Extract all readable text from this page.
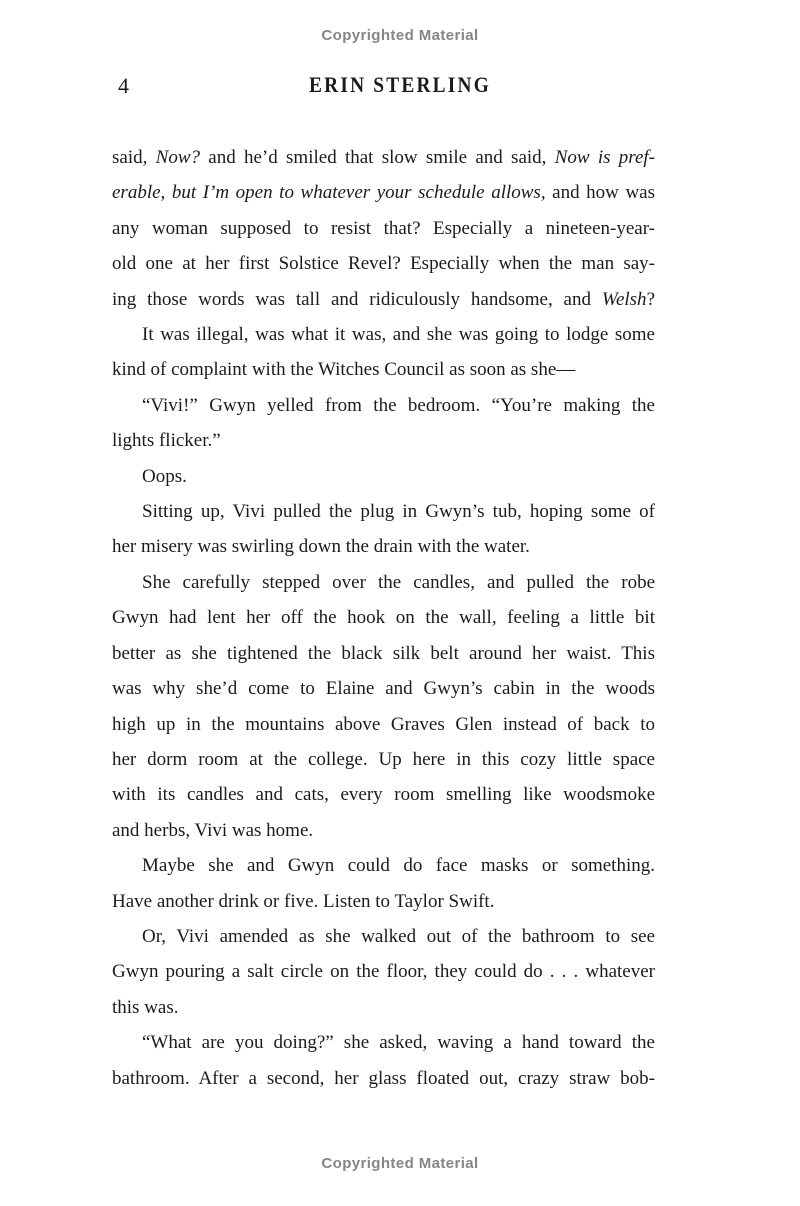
Copyrighted Material
4	ERIN STERLING
said, Now? and he’d smiled that slow smile and said, Now is pref-
erable, but I’m open to whatever your schedule allows, and how was
any woman supposed to resist that? Especially a nineteen-year-
old one at her first Solstice Revel? Especially when the man say-
ing those words was tall and ridiculously handsome, and Welsh?
It was illegal, was what it was, and she was going to lodge some
kind of complaint with the Witches Council as soon as she—
“Vivi!” Gwyn yelled from the bedroom. “You’re making the
lights flicker.”
Oops.
Sitting up, Vivi pulled the plug in Gwyn’s tub, hoping some of
her misery was swirling down the drain with the water.
She carefully stepped over the candles, and pulled the robe
Gwyn had lent her off the hook on the wall, feeling a little bit
better as she tightened the black silk belt around her waist. This
was why she’d come to Elaine and Gwyn’s cabin in the woods
high up in the mountains above Graves Glen instead of back to
her dorm room at the college. Up here in this cozy little space
with its candles and cats, every room smelling like woodsmoke
and herbs, Vivi was home.
Maybe she and Gwyn could do face masks or something.
Have another drink or five. Listen to Taylor Swift.
Or, Vivi amended as she walked out of the bathroom to see
Gwyn pouring a salt circle on the floor, they could do . . . whatever
this was.
“What are you doing?” she asked, waving a hand toward the
bathroom. After a second, her glass floated out, crazy straw bob-
Copyrighted Material
